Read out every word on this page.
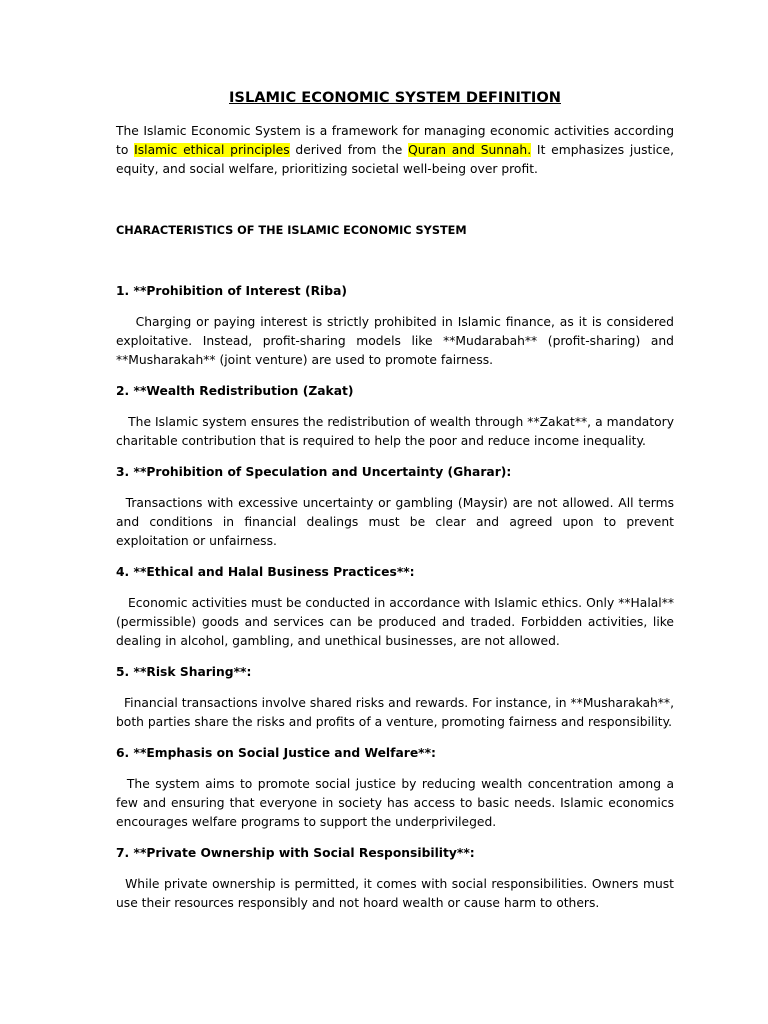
ISLAMIC ECONOMIC SYSTEM DEFINITION

The Islamic Economic System is a framework for managing economic activities according to Islamic ethical principles derived from the Quran and Sunnah. It emphasizes justice, equity, and social welfare, prioritizing societal well-being over profit.

CHARACTERISTICS OF THE ISLAMIC ECONOMIC SYSTEM
1. **Prohibition of Interest (Riba)

Charging or paying interest is strictly prohibited in Islamic finance, as it is considered exploitative. Instead, profit-sharing models like **Mudarabah** (profit-sharing) and **Musharakah** (joint venture) are used to promote fairness.

2. **Wealth Redistribution (Zakat)

The Islamic system ensures the redistribution of wealth through **Zakat**, a mandatory charitable contribution that is required to help the poor and reduce income inequality.

3. **Prohibition of Speculation and Uncertainty (Gharar):

Transactions with excessive uncertainty or gambling (Maysir) are not allowed. All terms and conditions in financial dealings must be clear and agreed upon to prevent exploitation or unfairness.

4. **Ethical and Halal Business Practices**:

Economic activities must be conducted in accordance with Islamic ethics. Only **Halal** (permissible) goods and services can be produced and traded. Forbidden activities, like dealing in alcohol, gambling, and unethical businesses, are not allowed.

5. **Risk Sharing**:

Financial transactions involve shared risks and rewards. For instance, in **Musharakah**, both parties share the risks and profits of a venture, promoting fairness and responsibility.

6. **Emphasis on Social Justice and Welfare**:

The system aims to promote social justice by reducing wealth concentration among a few and ensuring that everyone in society has access to basic needs. Islamic economics encourages welfare programs to support the underprivileged.

7. **Private Ownership with Social Responsibility**:

While private ownership is permitted, it comes with social responsibilities. Owners must use their resources responsibly and not hoard wealth or cause harm to others.
